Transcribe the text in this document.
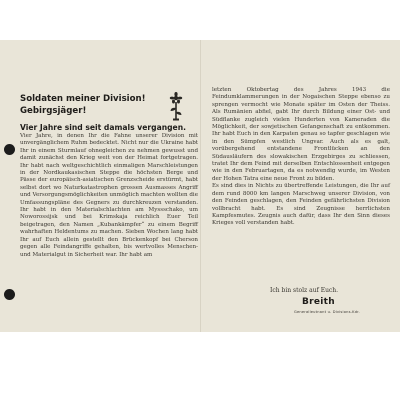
Soldaten meiner Division!
Gebirgsjäger!
Vier Jahre sind seit damals vergangen.

Vier Jahre, in denen Ihr die Fahne unserer Division mit unvergänglichem Ruhm bedecktet. Nicht nur die Ukraine habt Ihr in einem Sturmlauf ohnegleichen zu nehmen gewusst und damit zunächst den Krieg weit von der Heimat fortgetragen. Ihr habt nach weltgeschichtlich einmaligen Marschleistungen in der Nordkaukasischen Steppe die höchsten Berge und Pässe der europäisch-asiatischen Grenzscheide erstürmt, habt selbst dort wo Naturkatastrophen grossen Ausmasses Angriff und Versorgungsmöglichkeiten unmöglich machten wollten die Umfassungspläne des Gegners zu durchkreuzen verstanden. Ihr habt in den Materialschlachten am Myssschako, um Noworossijsk und bei Krimskaja reichlich Euer Teil beigetragen, den Namen „Kubankämpfer“ zu einem Begriff wahrhaften Heldentums zu machen. Sieben Wochen lang habt Ihr auf Euch allein gestellt den Brückenkopf bei Cherson gegen alle Feindangriffe gehalten, bis wertvolles Menschen- und Materialgut in Sicherheit war. Ihr habt am

letzten Oktobertag des Jahres 1943 die Feindumklammerungen in der Nogaischen Steppe ebenso zu sprengen vermocht wie Monate später im Osten der Theiss. Als Rumänien abfiel, gabt Ihr durch Bildung einer Ost- und Südflanke zugleich vielen Hunderten von Kameraden die Möglichkeit, der sowjetischen Gefangenschaft zu entkommen. Ihr habt Euch in den Karpaten genau so tapfer geschlagen wie in den Sümpfen westlich Ungvar. Auch als es galt, vorübergehend entstandene Frontlücken an den Südausläufern des slowakischen Erzgebirges zu schliessen, tratet Ihr dem Feind mit derselben Entschlossenheit entgegen wie in den Februartagen, da es notwendig wurde, im Westen der Hohen Tatra eine neue Front zu bilden.

Es sind dies in Nichts zu übertreffende Leistungen, die Ihr auf dem rund 8000 km langen Marschweg unserer Division, von den Feinden geschlagen, den Feinden gefährlichsten Division vollbracht habt. Es sind Zeugnisse herrlichsten Kampfesmutes. Zeugnis auch dafür, dass Ihr den Sinn dieses Krieges voll verstanden habt.

Ich bin stolz auf Euch.
Breith
Generalleutnant u. Divisions-Kdr.
